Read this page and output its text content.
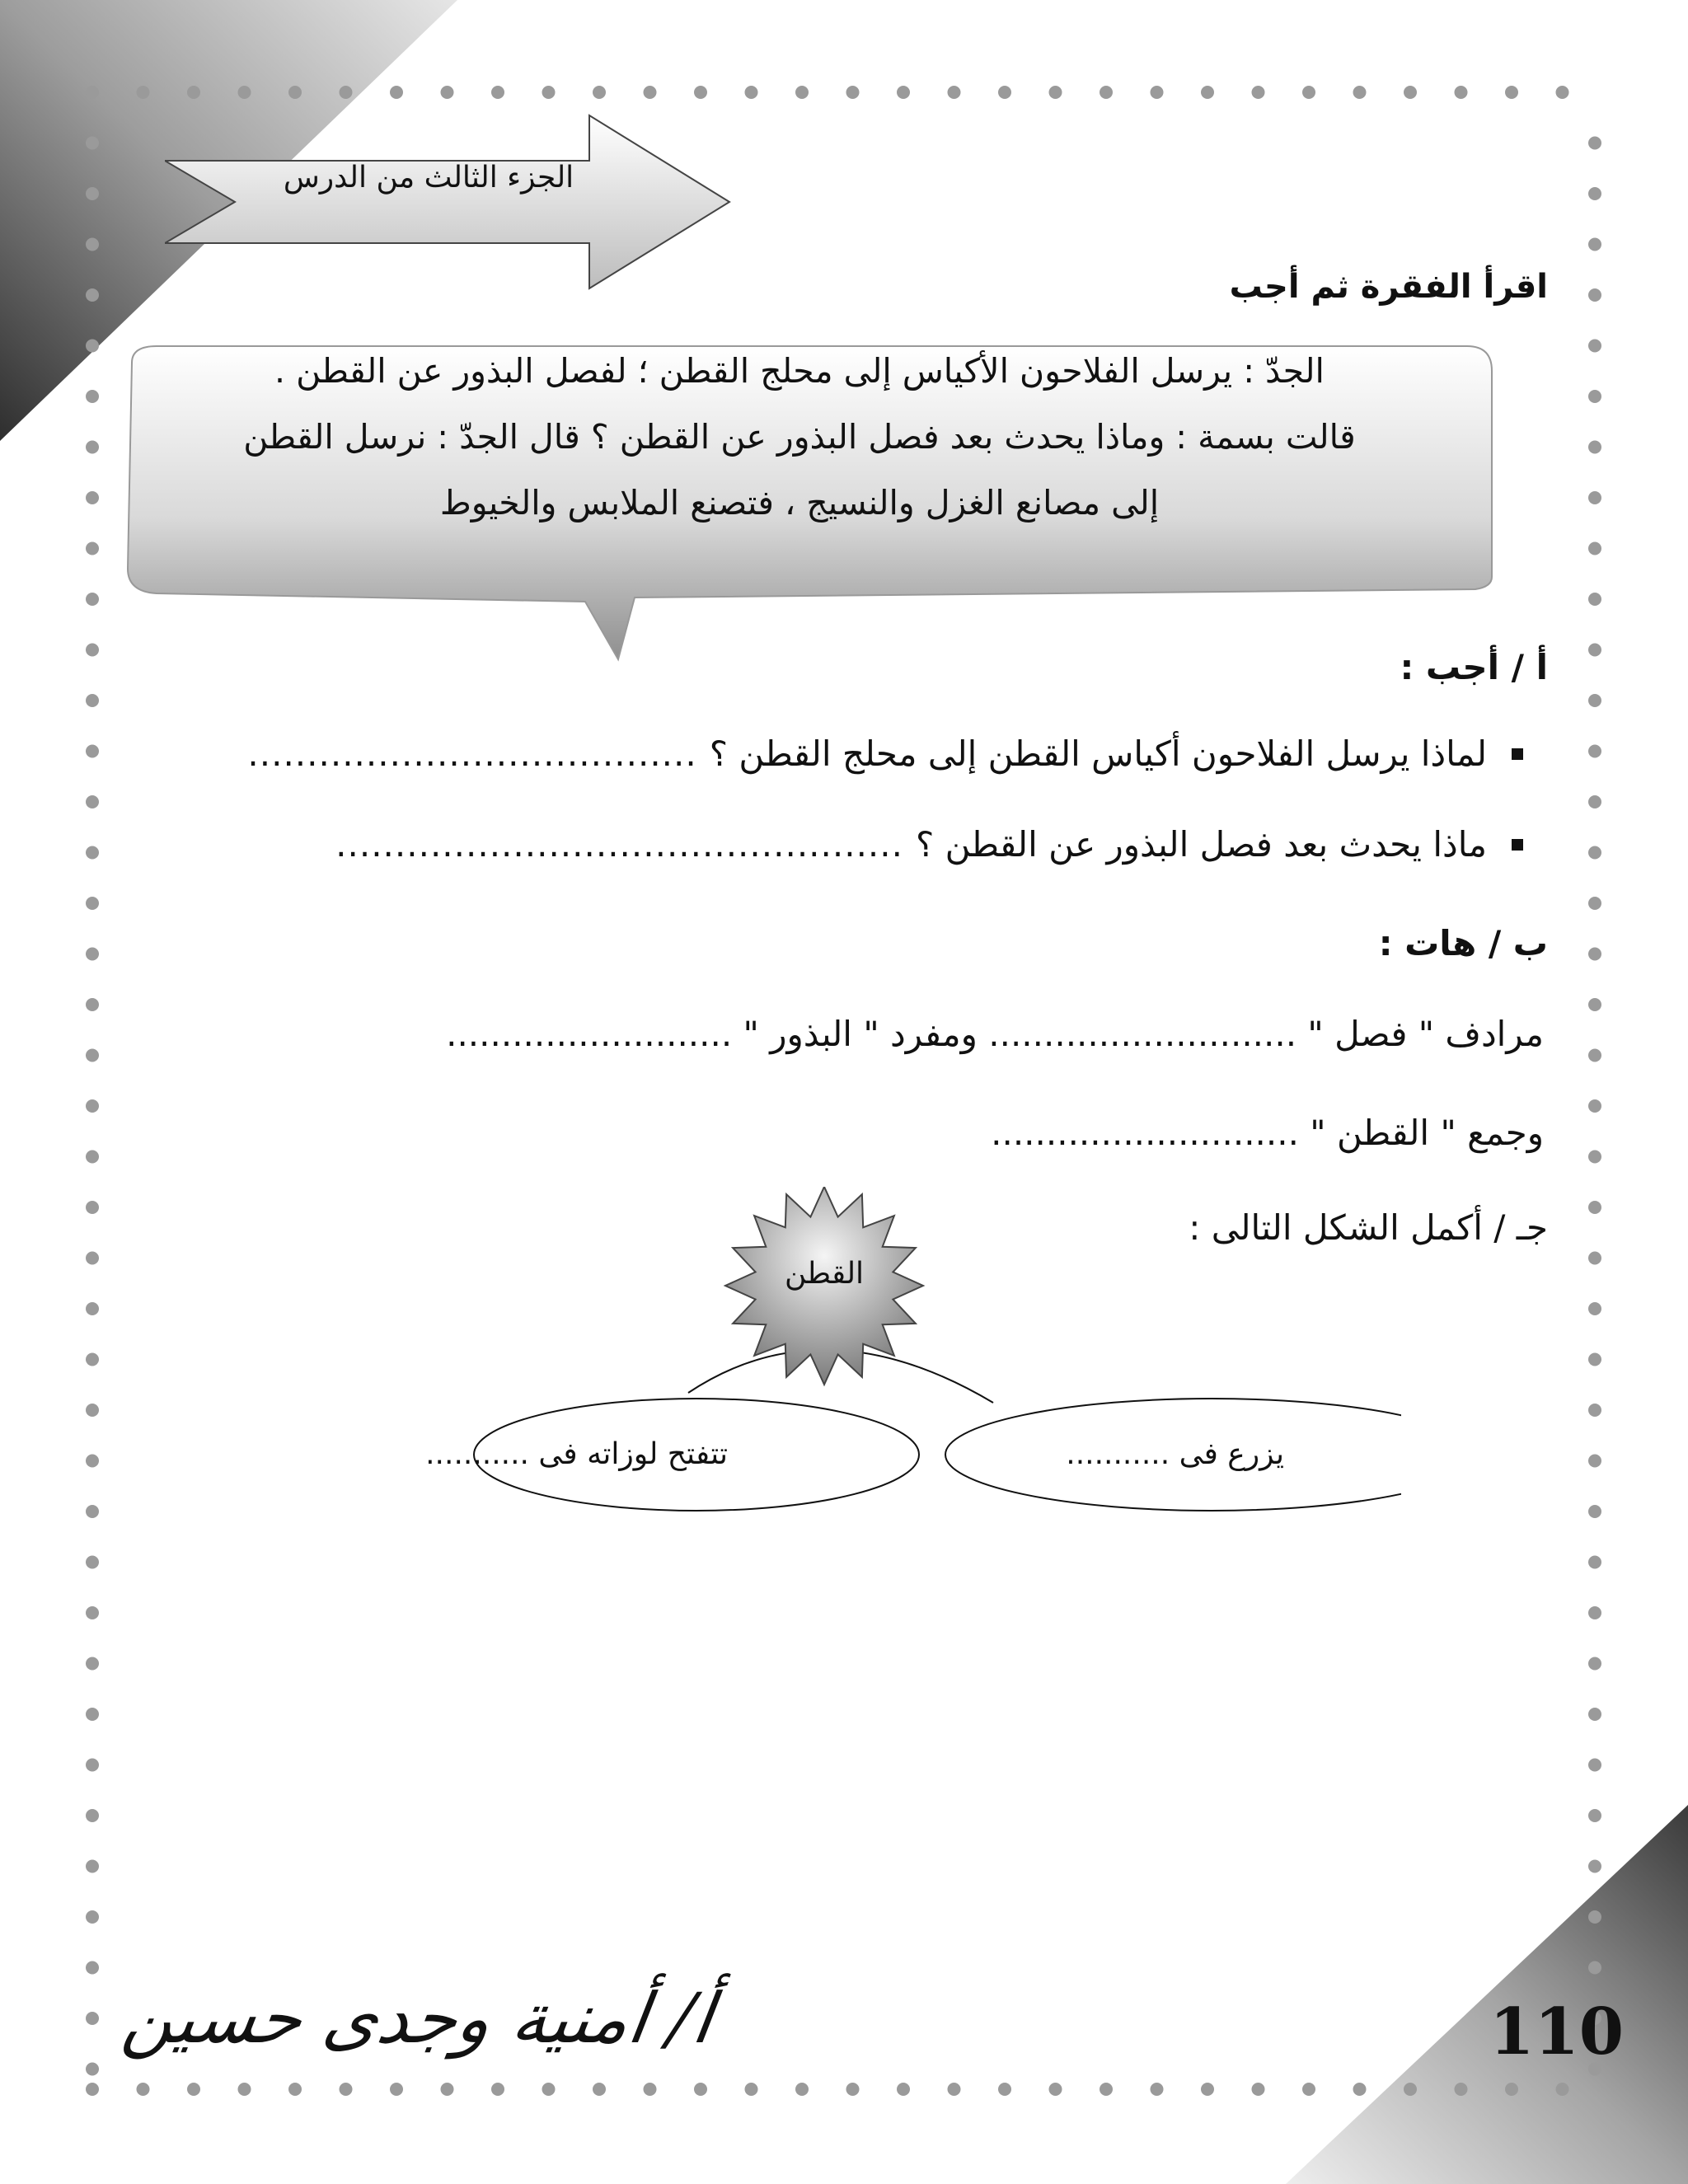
الجزء الثالث من الدرس
اقرأ الفقرة ثم أجب
الجدّ : يرسل الفلاحون الأكياس إلى محلج القطن ؛ لفصل البذور عن القطن .
قالت بسمة : وماذا يحدث بعد فصل البذور عن القطن ؟ قال الجدّ : نرسل القطن
إلى مصانع الغزل والنسيج ، فتصنع الملابس والخيوط
أ / أجب :
لماذا يرسل الفلاحون أكياس القطن إلى محلج القطن ؟
......................................
ماذا يحدث بعد فصل البذور عن القطن ؟
................................................
ب / هات :
مرادف " فصل " ............................ ومفرد " البذور " ..........................
وجمع " القطن " ............................
جـ / أكمل الشكل التالى :
القطن
تتفتح لوزاته فى ...........	يزرع فى ...........
أ/ أمنية وجدى حسين	110
